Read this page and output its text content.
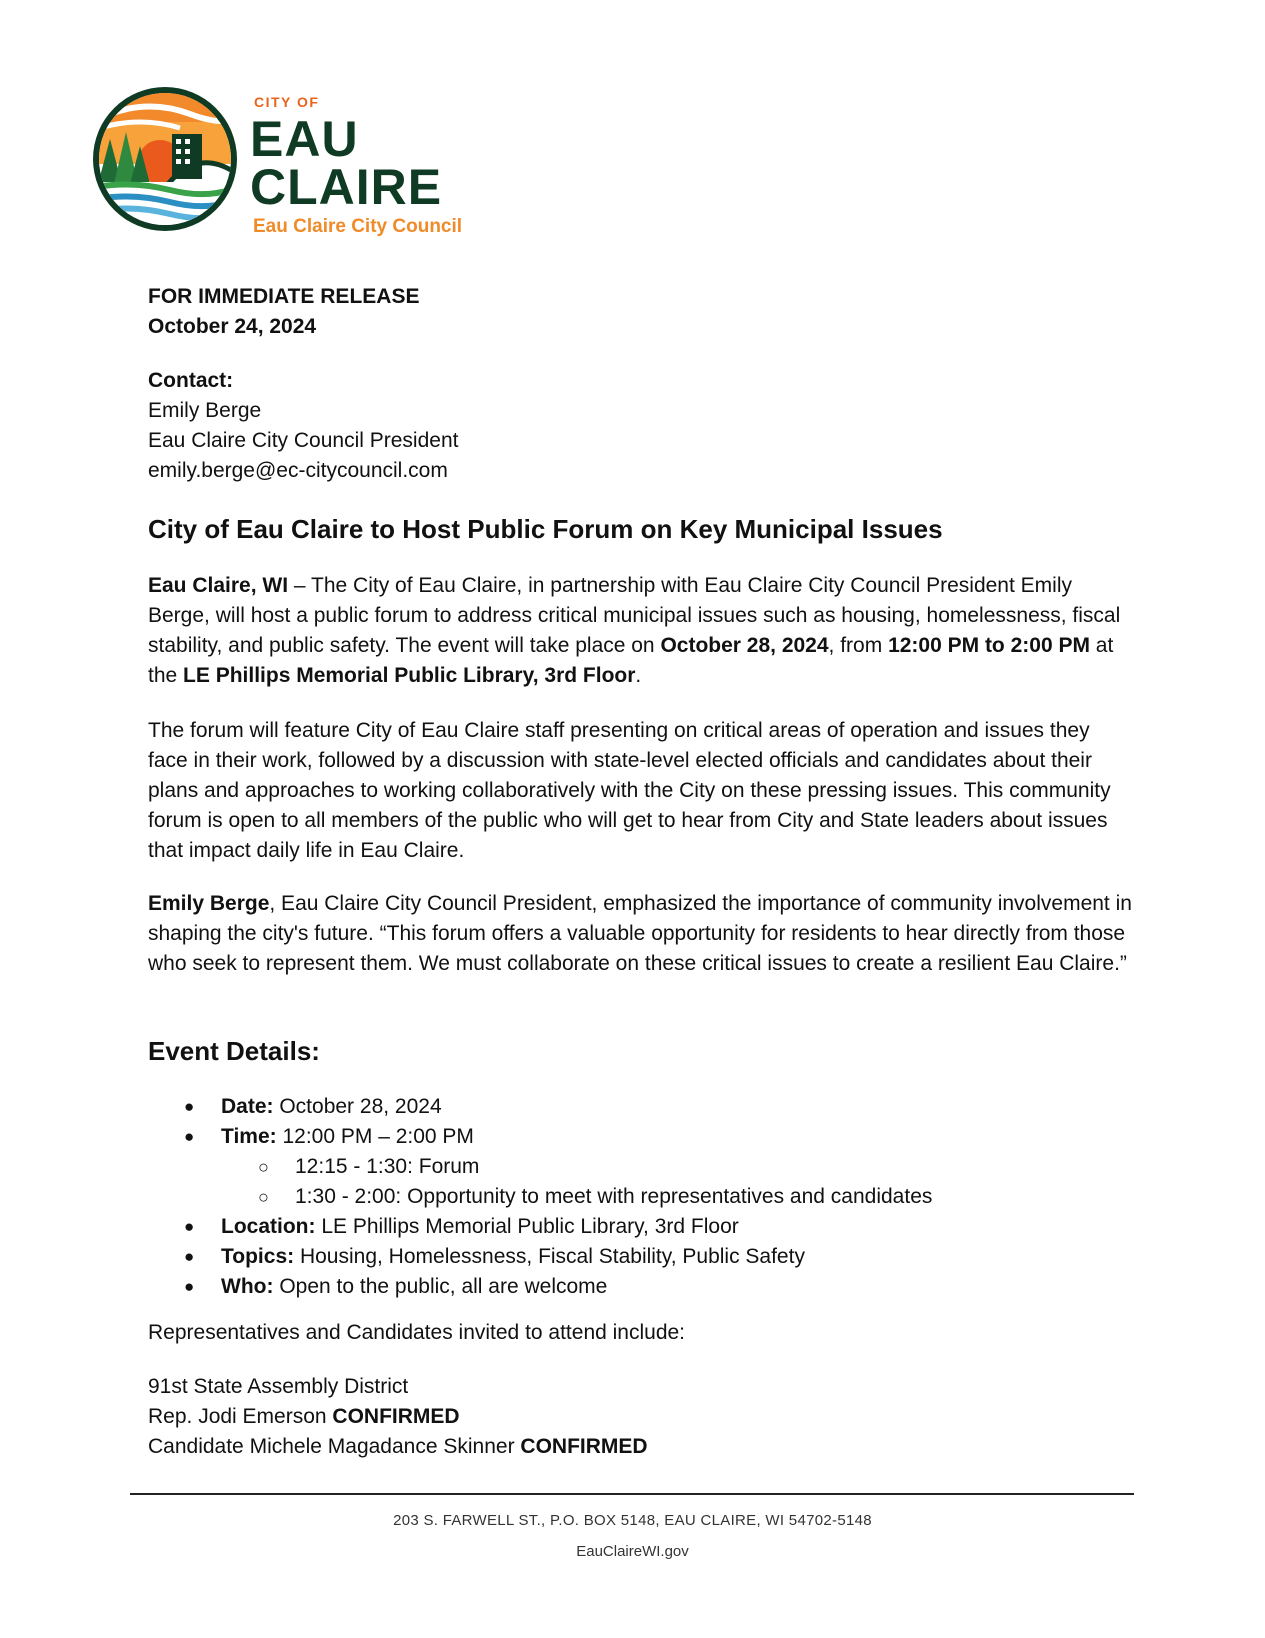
CITY OF
EAU
CLAIRE
Eau Claire City Council
FOR IMMEDIATE RELEASE
October 24, 2024
Contact:
Emily Berge
Eau Claire City Council President
emily.berge@ec-citycouncil.com
City of Eau Claire to Host Public Forum on Key Municipal Issues
Eau Claire, WI – The City of Eau Claire, in partnership with Eau Claire City Council President Emily Berge, will host a public forum to address critical municipal issues such as housing, homelessness, fiscal stability, and public safety. The event will take place on October 28, 2024, from 12:00 PM to 2:00 PM at the LE Phillips Memorial Public Library, 3rd Floor.
The forum will feature City of Eau Claire staff presenting on critical areas of operation and issues they face in their work, followed by a discussion with state-level elected officials and candidates about their plans and approaches to working collaboratively with the City on these pressing issues. This community forum is open to all members of the public who will get to hear from City and State leaders about issues that impact daily life in Eau Claire.
Emily Berge, Eau Claire City Council President, emphasized the importance of community involvement in shaping the city's future. “This forum offers a valuable opportunity for residents to hear directly from those who seek to represent them. We must collaborate on these critical issues to create a resilient Eau Claire.”
Event Details:
● Date: October 28, 2024
● Time: 12:00 PM – 2:00 PM
○ 12:15 - 1:30: Forum
○ 1:30 - 2:00: Opportunity to meet with representatives and candidates
● Location: LE Phillips Memorial Public Library, 3rd Floor
● Topics: Housing, Homelessness, Fiscal Stability, Public Safety
● Who: Open to the public, all are welcome
Representatives and Candidates invited to attend include:
91st State Assembly District
Rep. Jodi Emerson CONFIRMED
Candidate Michele Magadance Skinner CONFIRMED
203 S. FARWELL ST., P.O. BOX 5148, EAU CLAIRE, WI 54702-5148
EauClaireWI.gov
